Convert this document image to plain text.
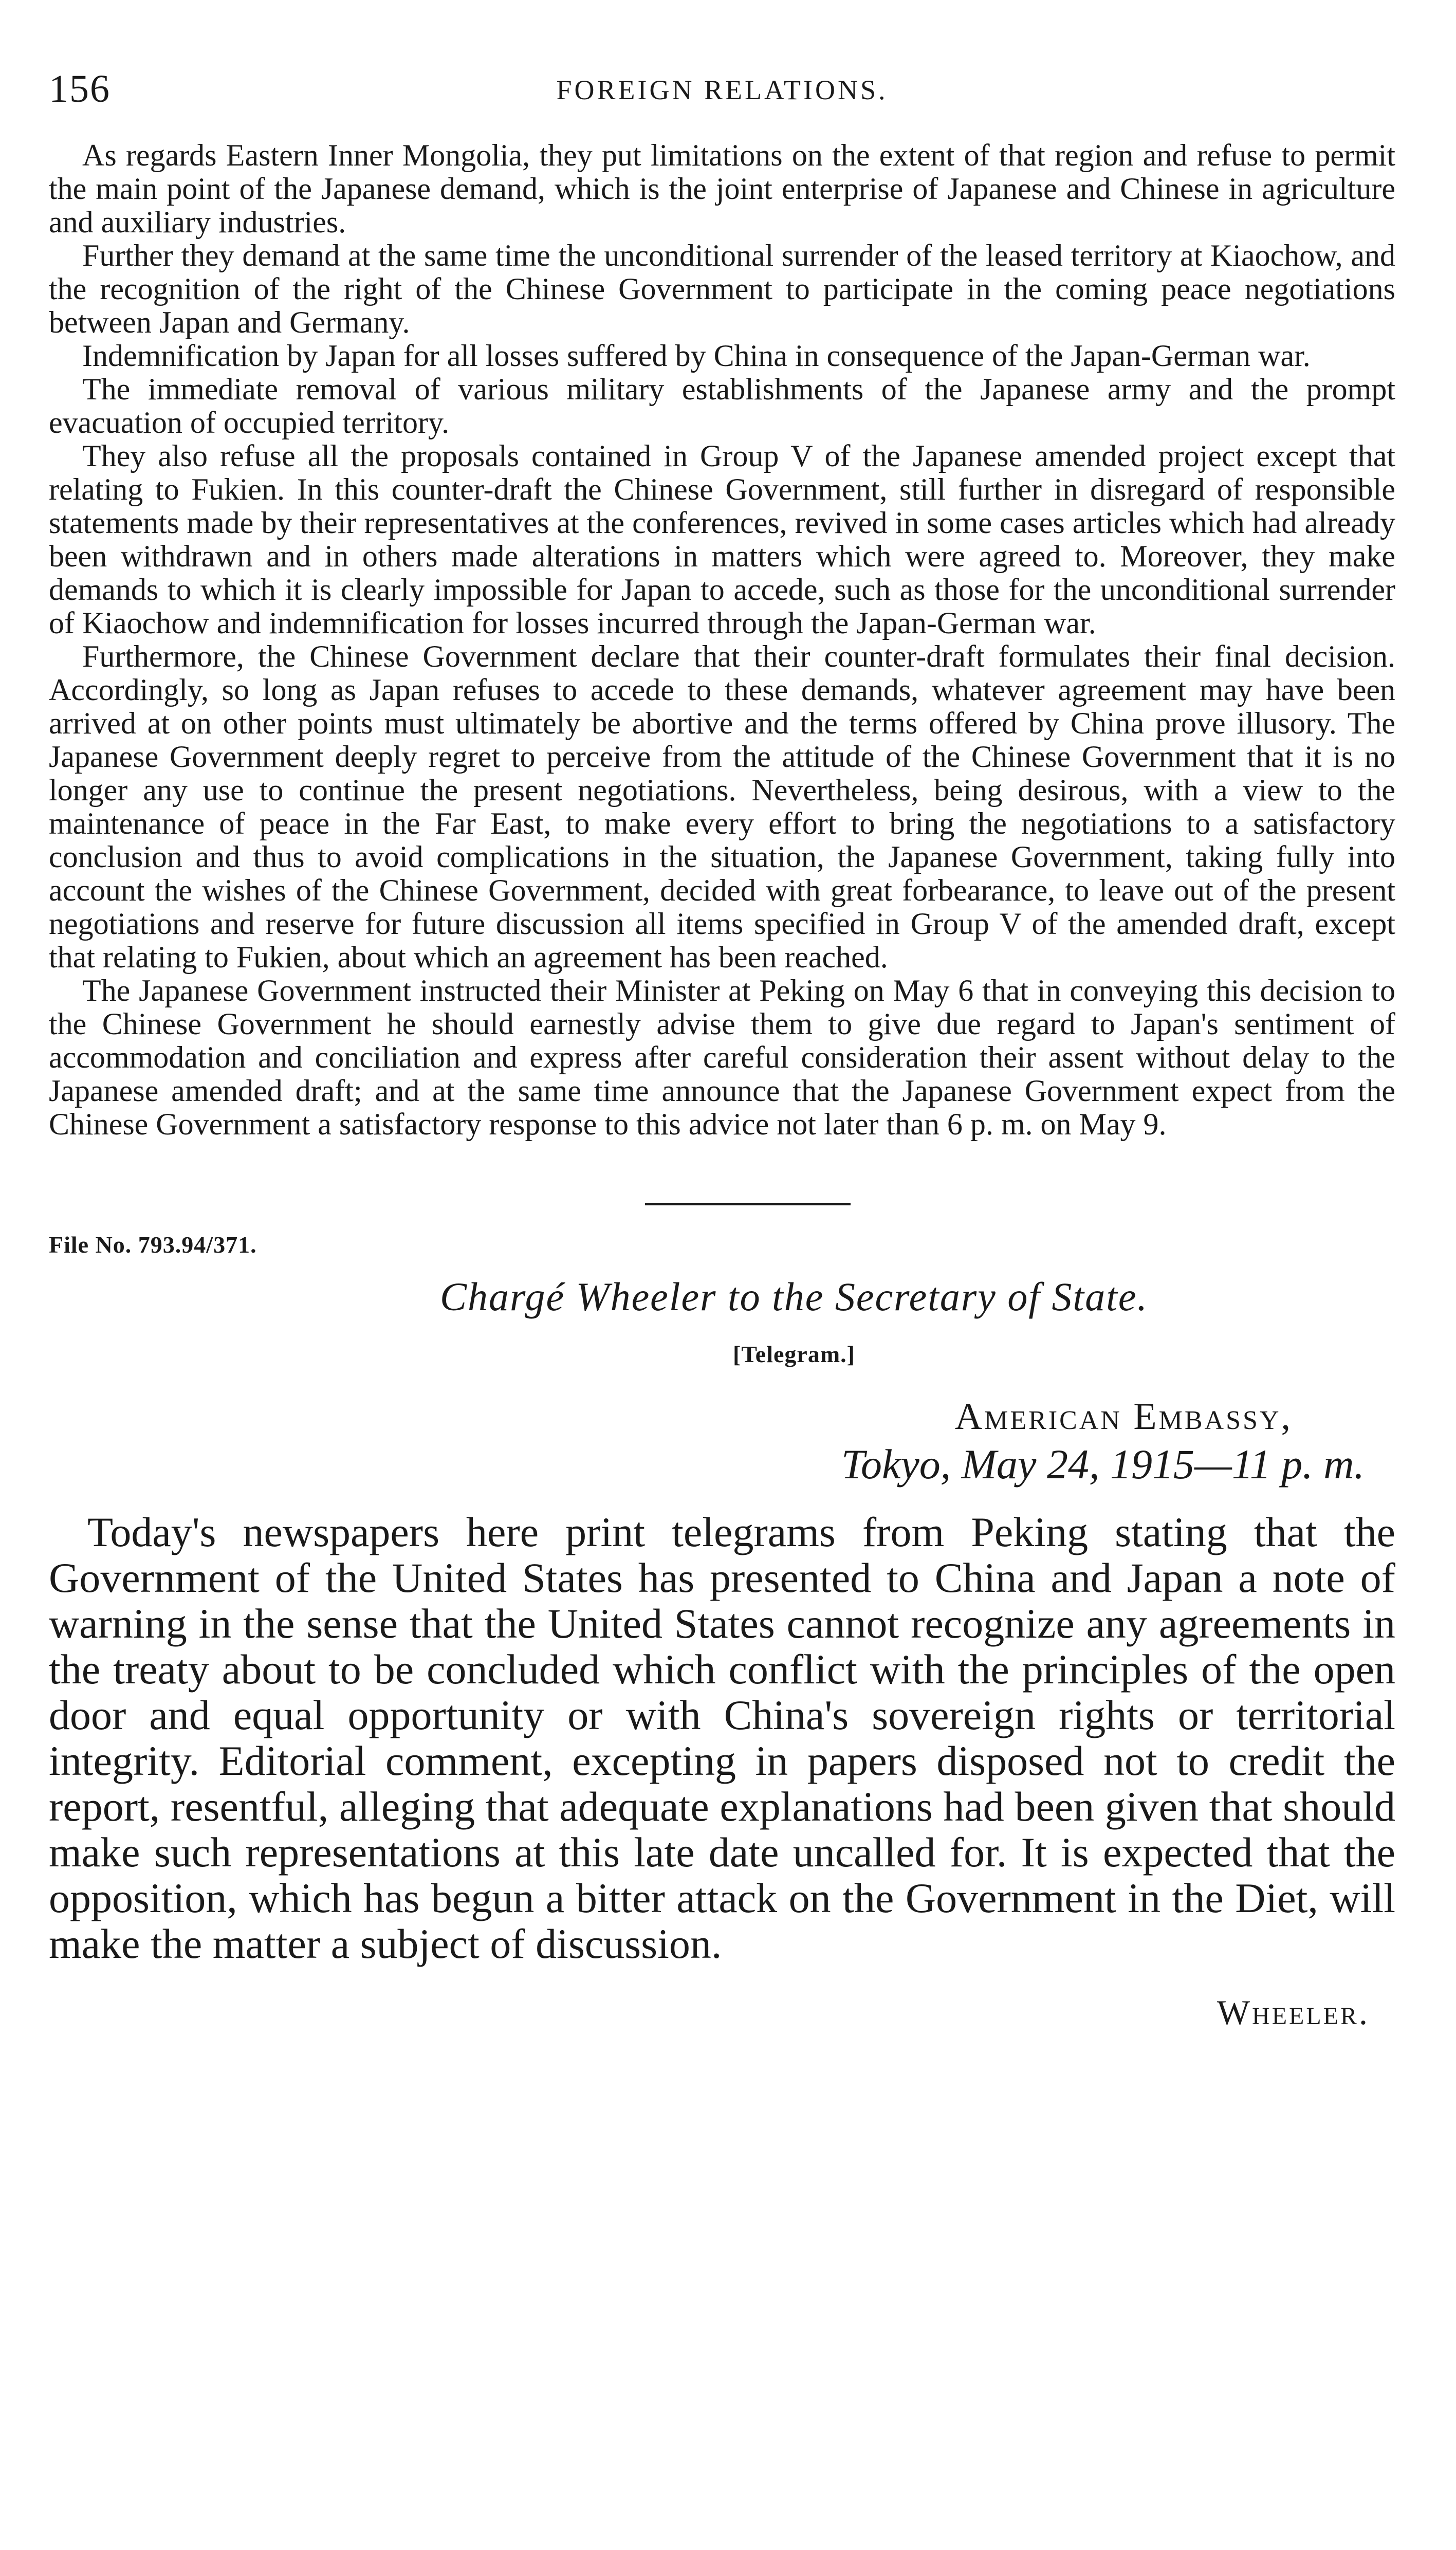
156	FOREIGN RELATIONS.

As regards Eastern Inner Mongolia, they put limitations on the extent of that region and refuse to permit the main point of the Japanese demand, which is the joint enterprise of Japanese and Chinese in agriculture and auxiliary industries.

Further they demand at the same time the unconditional surrender of the leased territory at Kiaochow, and the recognition of the right of the Chinese Government to participate in the coming peace negotiations between Japan and Germany.

Indemnification by Japan for all losses suffered by China in consequence of the Japan-German war.

The immediate removal of various military establishments of the Japanese army and the prompt evacuation of occupied territory.

They also refuse all the proposals contained in Group V of the Japanese amended project except that relating to Fukien. In this counter-draft the Chinese Government, still further in disregard of responsible statements made by their representatives at the conferences, revived in some cases articles which had already been withdrawn and in others made alterations in matters which were agreed to. Moreover, they make demands to which it is clearly impossible for Japan to accede, such as those for the unconditional surrender of Kiaochow and indemnification for losses incurred through the Japan-German war.

Furthermore, the Chinese Government declare that their counter-draft formulates their final decision. Accordingly, so long as Japan refuses to accede to these demands, whatever agreement may have been arrived at on other points must ultimately be abortive and the terms offered by China prove illusory. The Japanese Government deeply regret to perceive from the attitude of the Chinese Government that it is no longer any use to continue the present negotiations. Nevertheless, being desirous, with a view to the maintenance of peace in the Far East, to make every effort to bring the negotiations to a satisfactory conclusion and thus to avoid complications in the situation, the Japanese Government, taking fully into account the wishes of the Chinese Government, decided with great forbearance, to leave out of the present negotiations and reserve for future discussion all items specified in Group V of the amended draft, except that relating to Fukien, about which an agreement has been reached.

The Japanese Government instructed their Minister at Peking on May 6 that in conveying this decision to the Chinese Government he should earnestly advise them to give due regard to Japan's sentiment of accommodation and conciliation and express after careful consideration their assent without delay to the Japanese amended draft; and at the same time announce that the Japanese Government expect from the Chinese Government a satisfactory response to this advice not later than 6 p. m. on May 9.

File No. 793.94/371.
Chargé Wheeler to the Secretary of State.
[Telegram.]
American Embassy,
Tokyo, May 24, 1915—11 p. m.

Today's newspapers here print telegrams from Peking stating that the Government of the United States has presented to China and Japan a note of warning in the sense that the United States cannot recognize any agreements in the treaty about to be concluded which conflict with the principles of the open door and equal opportunity or with China's sovereign rights or territorial integrity. Editorial comment, excepting in papers disposed not to credit the report, resentful, alleging that adequate explanations had been given that should make such representations at this late date uncalled for. It is expected that the opposition, which has begun a bitter attack on the Government in the Diet, will make the matter a subject of discussion.

Wheeler.
